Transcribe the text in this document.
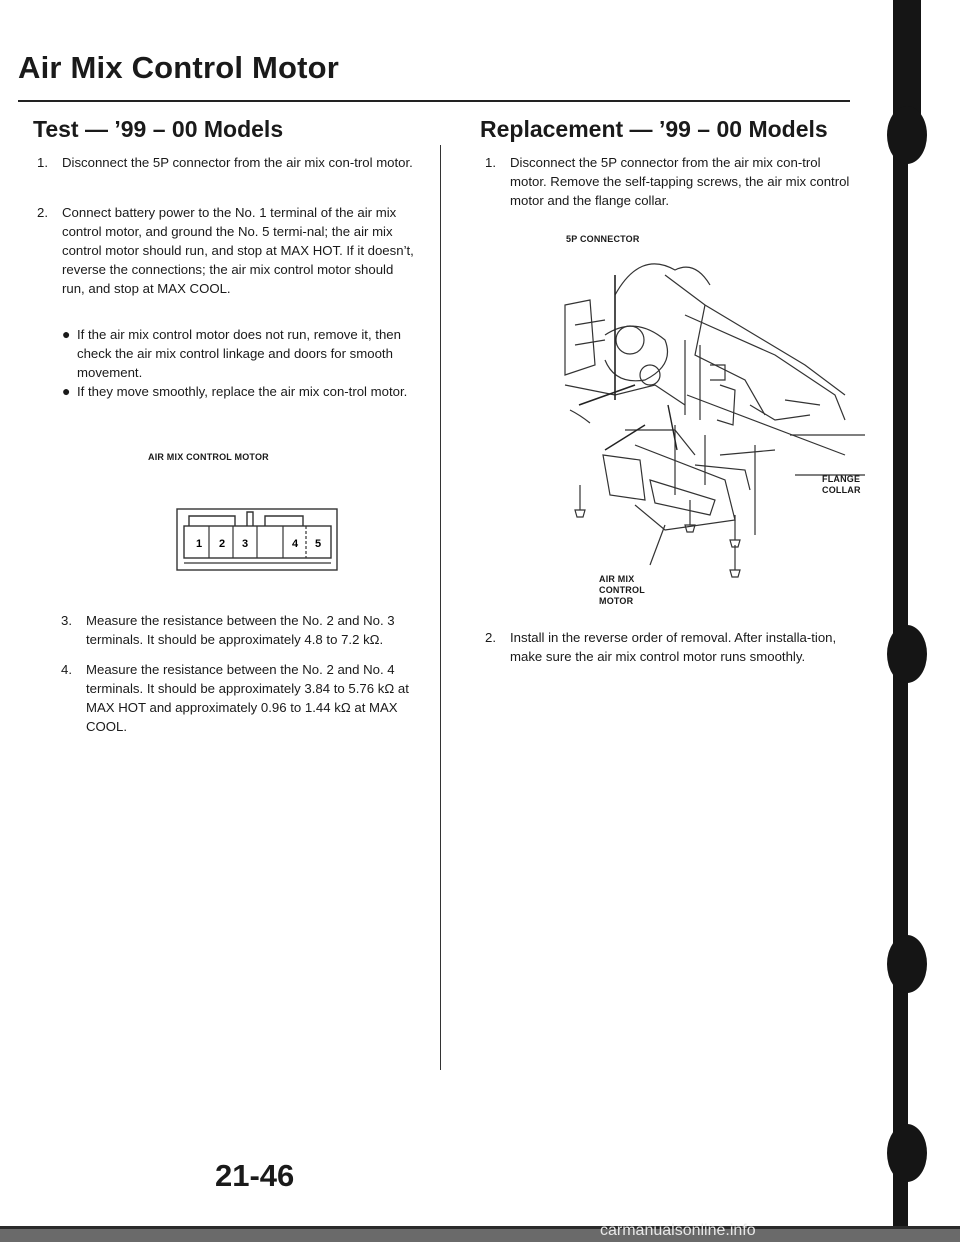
Air Mix Control Motor
Test — ’99 – 00 Models
1. Disconnect the 5P connector from the air mix con-trol motor.
2. Connect battery power to the No. 1 terminal of the air mix control motor, and ground the No. 5 termi-nal; the air mix control motor should run, and stop at MAX HOT. If it doesn’t, reverse the connections; the air mix control motor should run, and stop at MAX COOL.
● If the air mix control motor does not run, remove it, then check the air mix control linkage and doors for smooth movement.
● If they move smoothly, replace the air mix con-trol motor.
AIR MIX CONTROL MOTOR
1 2 3	4 5
3. Measure the resistance between the No. 2 and No. 3 terminals. It should be approximately 4.8 to 7.2 kΩ.
4. Measure the resistance between the No. 2 and No. 4 terminals. It should be approximately 3.84 to 5.76 kΩ at MAX HOT and approximately 0.96 to 1.44 kΩ at MAX COOL.
Replacement — ’99 – 00 Models
1. Disconnect the 5P connector from the air mix con-trol motor. Remove the self-tapping screws, the air mix control motor and the flange collar.
5P CONNECTOR
FLANGE
COLLAR
AIR MIX
CONTROL
MOTOR
2. Install in the reverse order of removal. After installa-tion, make sure the air mix control motor runs smoothly.
21-46
carmanualsonline.info
